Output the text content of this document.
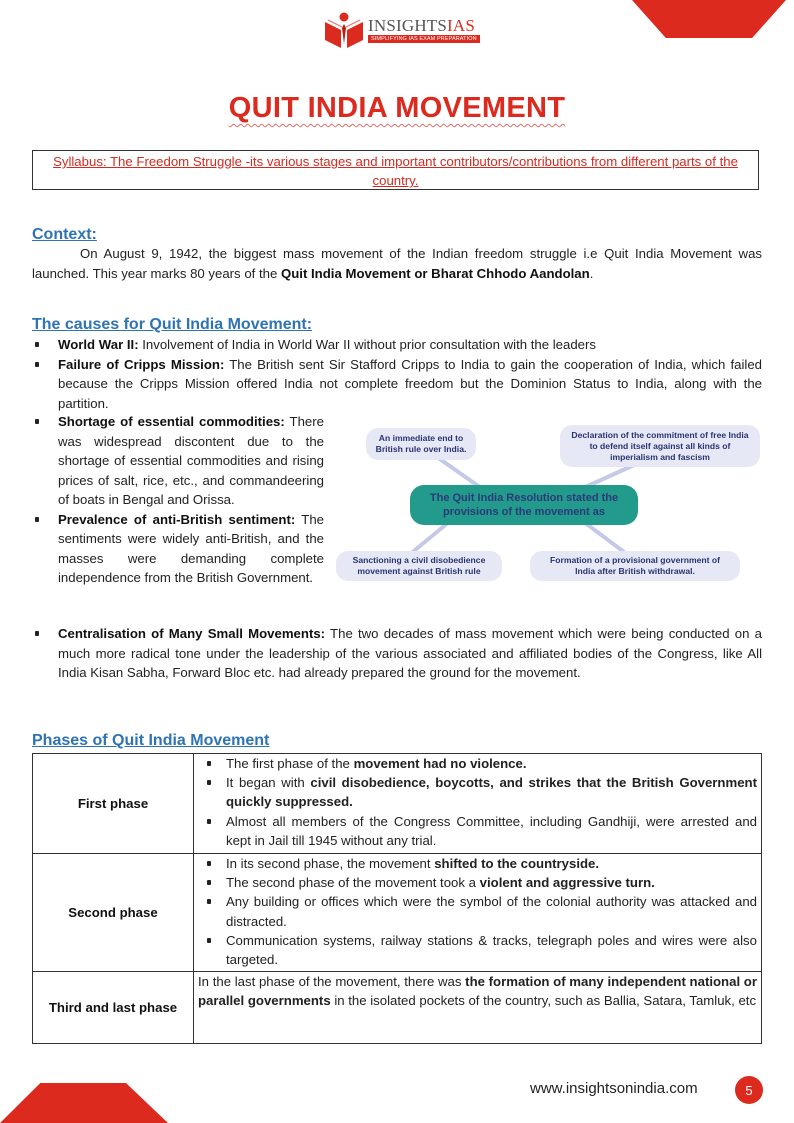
INSIGHTSIAS
SIMPLIFYING IAS EXAM PREPARATION
QUIT INDIA MOVEMENT
Syllabus: The Freedom Struggle -its various stages and important contributors/contributions from different parts of the country.
Context:
On August 9, 1942, the biggest mass movement of the Indian freedom struggle i.e Quit India Movement was launched. This year marks 80 years of the Quit India Movement or Bharat Chhodo Aandolan.
The causes for Quit India Movement:
World War II: Involvement of India in World War II without prior consultation with the leaders
Failure of Cripps Mission: The British sent Sir Stafford Cripps to India to gain the cooperation of India, which failed because the Cripps Mission offered India not complete freedom but the Dominion Status to India, along with the partition.
Shortage of essential commodities: There was widespread discontent due to the shortage of essential commodities and rising prices of salt, rice, etc., and commandeering of boats in Bengal and Orissa.
Prevalence of anti-British sentiment: The sentiments were widely anti-British, and the masses were demanding complete independence from the British Government.
An immediate end to British rule over India.
Declaration of the commitment of free India to defend itself against all kinds of imperialism and fascism
The Quit India Resolution stated the provisions of the movement as
Sanctioning a civil disobedience movement against British rule
Formation of a provisional government of India after British withdrawal.
Centralisation of Many Small Movements: The two decades of mass movement which were being conducted on a much more radical tone under the leadership of the various associated and affiliated bodies of the Congress, like All India Kisan Sabha, Forward Bloc etc. had already prepared the ground for the movement.
Phases of Quit India Movement
First phase	
The first phase of the movement had no violence.
It began with civil disobedience, boycotts, and strikes that the British Government quickly suppressed.
Almost all members of the Congress Committee, including Gandhiji, were arrested and kept in Jail till 1945 without any trial.

Second phase	
In its second phase, the movement shifted to the countryside.
The second phase of the movement took a violent and aggressive turn.
Any building or offices which were the symbol of the colonial authority was attacked and distracted.
Communication systems, railway stations & tracks, telegraph poles and wires were also targeted.

Third and last phase	In the last phase of the movement, there was the formation of many independent national or parallel governments in the isolated pockets of the country, such as Ballia, Satara, Tamluk, etc
www.insightsonindia.com	5
